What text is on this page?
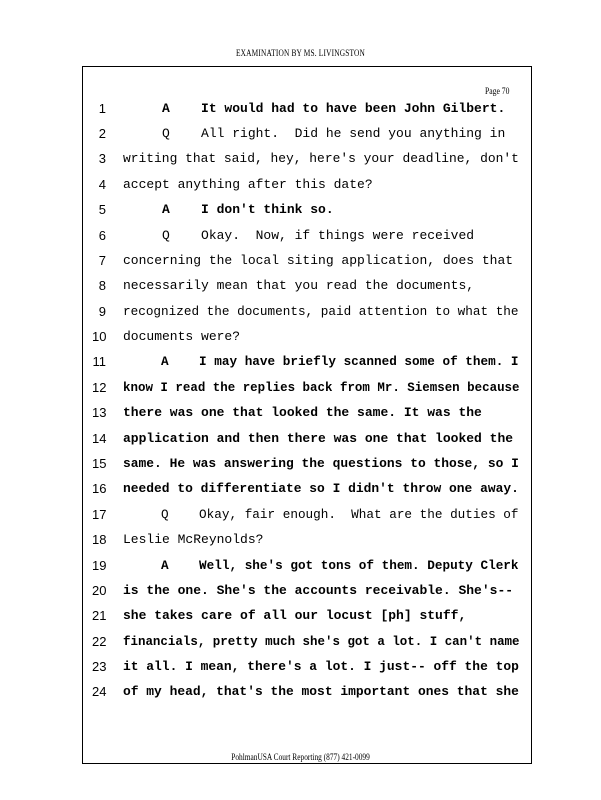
EXAMINATION BY MS. LIVINGSTON
Page 70
1 A    It would had to have been John Gilbert.
2 Q    All right.  Did he send you anything in
3 writing that said, hey, here's your deadline, don't
4 accept anything after this date?
5 A    I don't think so.
6 Q    Okay.  Now, if things were received
7 concerning the local siting application, does that
8 necessarily mean that you read the documents,
9 recognized the documents, paid attention to what the
10 documents were?
11 A    I may have briefly scanned some of them. I
12 know I read the replies back from Mr. Siemsen because
13 there was one that looked the same. It was the
14 application and then there was one that looked the
15 same. He was answering the questions to those, so I
16 needed to differentiate so I didn't throw one away.
17 Q    Okay, fair enough.  What are the duties of
18 Leslie McReynolds?
19 A    Well, she's got tons of them. Deputy Clerk
20 is the one. She's the accounts receivable. She's--
21 she takes care of all our locust [ph] stuff,
22 financials, pretty much she's got a lot. I can't name
23 it all. I mean, there's a lot. I just-- off the top
24 of my head, that's the most important ones that she
PohlmanUSA Court Reporting (877) 421-0099
